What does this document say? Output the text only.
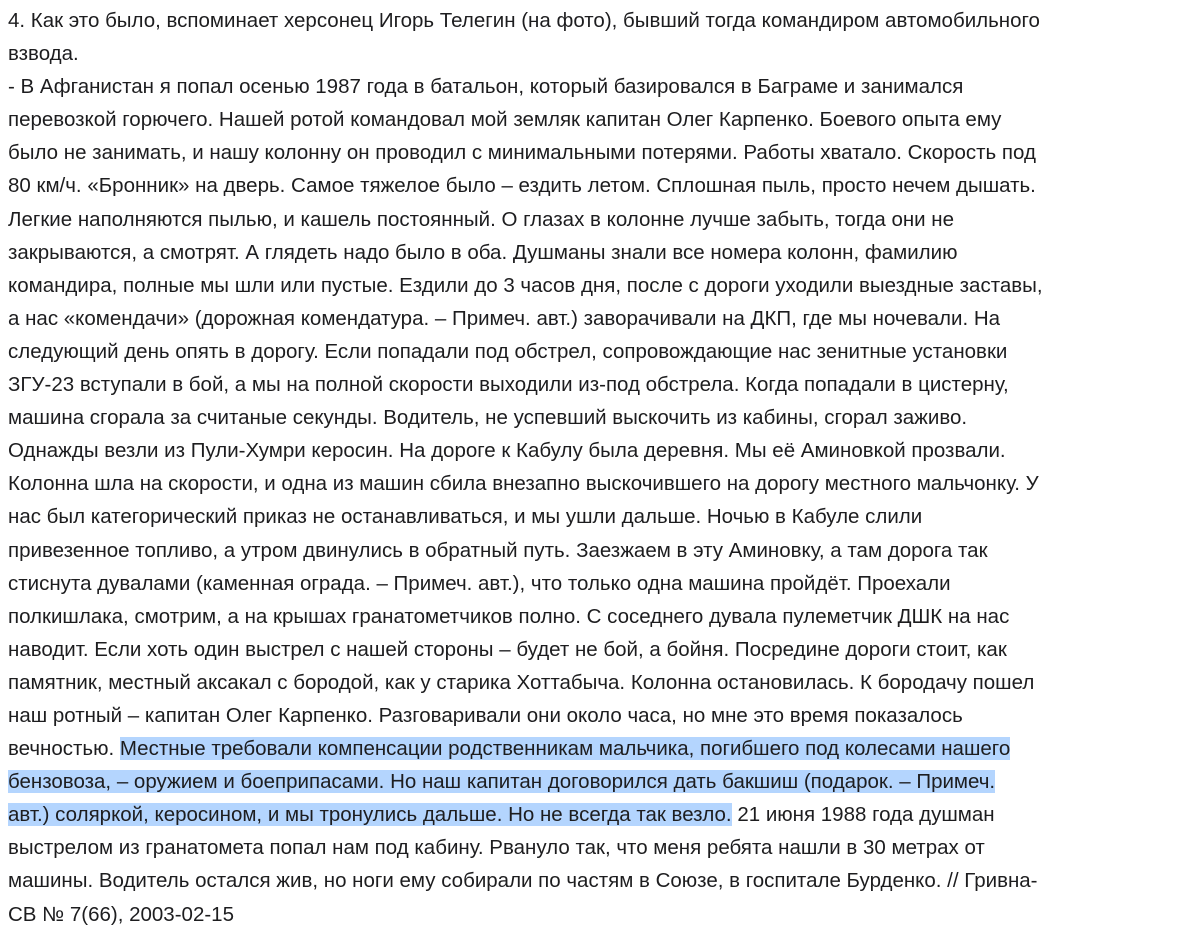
4. Как это было, вспоминает херсонец Игорь Телегин (на фото), бывший тогда командиром автомобильного
взвода.
- В Афганистан я попал осенью 1987 года в батальон, который базировался в Баграме и занимался
перевозкой горючего. Нашей ротой командовал мой земляк капитан Олег Карпенко. Боевого опыта ему
было не занимать, и нашу колонну он проводил с минимальными потерями. Работы хватало. Скорость под
80 км/ч. «Бронник» на дверь. Самое тяжелое было – ездить летом. Сплошная пыль, просто нечем дышать.
Легкие наполняются пылью, и кашель постоянный. О глазах в колонне лучше забыть, тогда они не
закрываются, а смотрят. А глядеть надо было в оба. Душманы знали все номера колонн, фамилию
командира, полные мы шли или пустые. Ездили до 3 часов дня, после с дороги уходили выездные заставы,
а нас «комендачи» (дорожная комендатура. – Примеч. авт.) заворачивали на ДКП, где мы ночевали. На
следующий день опять в дорогу. Если попадали под обстрел, сопровождающие нас зенитные установки
ЗГУ-23 вступали в бой, а мы на полной скорости выходили из-под обстрела. Когда попадали в цистерну,
машина сгорала за считаные секунды. Водитель, не успевший выскочить из кабины, сгорал заживо.
Однажды везли из Пули-Хумри керосин. На дороге к Кабулу была деревня. Мы её Аминовкой прозвали.
Колонна шла на скорости, и одна из машин сбила внезапно выскочившего на дорогу местного мальчонку. У
нас был категорический приказ не останавливаться, и мы ушли дальше. Ночью в Кабуле слили
привезенное топливо, а утром двинулись в обратный путь. Заезжаем в эту Аминовку, а там дорога так
стиснута дувалами (каменная ограда. – Примеч. авт.), что только одна машина пройдёт. Проехали
полкишлака, смотрим, а на крышах гранатометчиков полно. С соседнего дувала пулеметчик ДШК на нас
наводит. Если хоть один выстрел с нашей стороны – будет не бой, а бойня. Посредине дороги стоит, как
памятник, местный аксакал с бородой, как у старика Хоттабыча. Колонна остановилась. К бородачу пошел
наш ротный – капитан Олег Карпенко. Разговаривали они около часа, но мне это время показалось
вечностью. Местные требовали компенсации родственникам мальчика, погибшего под колесами нашего
бензовоза, – оружием и боеприпасами. Но наш капитан договорился дать бакшиш (подарок. – Примеч.
авт.) соляркой, керосином, и мы тронулись дальше. Но не всегда так везло. 21 июня 1988 года душман
выстрелом из гранатомета попал нам под кабину. Рвануло так, что меня ребята нашли в 30 метрах от
машины. Водитель остался жив, но ноги ему собирали по частям в Союзе, в госпитале Бурденко. // Гривна-
СВ № 7(66), 2003-02-15
